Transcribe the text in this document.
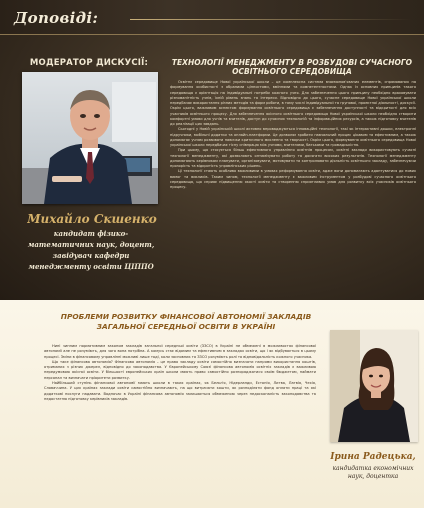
Доповіді:
МОДЕРАТОР ДИСКУСІЇ:
Михайло Скшенко
кандидат фізико-математичних наук, доцент, завідувач кафедри менеджменту освіти ЦІППО
ТЕХНОЛОГІЇ МЕНЕДЖМЕНТУ В РОЗБУДОВІ СУЧАСНОГО ОСВІТНЬОГО СЕРЕДОВИЩА

Освітнє середовище Нової української школи – це комплексна система взаємопов'язаних елементів, спрямованих на формування особистості з обраними цінностями, вміннями та компетентностями. Однак із основних принципів такого середовища є орієнтація на індивідуальні потреби кожного учня. Для забезпечення цього принципу необхідно враховувати різноманітність учнів, їхній рівень знань та інтереси. Відповідно до цього, сучасне середовище Нової української школи передбачає використання різних методів та форм роботи, в тому числі індивідуальної та групової, проектної діяльності, дискусії. Окрім цього, важливим аспектом формування освітнього середовища є забезпечення доступності та відкритості для всіх учасників освітнього процесу. Для забезпечення якісного освітнього середовища Нової української школи необхідно створити комфортні умови для учнів та вчителів, доступ до сучасних технологій та інформаційних ресурсів, а також підготовку вчителів до реалізації цих завдань.

Сьогодні у Новій українській школі активно впроваджуються інноваційні технології, такі як інтерактивні дошки, електронні підручники, мобільні додатки та онлайн-платформи. Це дозволяє зробити навчальний процес цікавим та ефективним, а також допомагає учням розвивати навички критичного мислення та творчості. Окрім цього, формування освітнього середовища Нової української школи передбачає тісну співпрацю між учнями, вчителями, батьками та громадськістю.

При цьому, що стосується більш ефективного управління освітнім процесом, освітні заклади використовують сучасні технології менеджменту, які дозволяють оптимізувати роботу та досягати високих результатів. Технології менеджменту допомагають керівникам планувати, організовувати, мотивувати та контролювати діяльність освітнього закладу, забезпечуючи прозорість та відкритість управлінських рішень.

Ці технології стають особливо важливими в умовах реформування освіти, адже вони допомагають адаптуватися до нових вимог та викликів. Таким чином, технології менеджменту є важливим інструментом у розбудові сучасного освітнього середовища, що сприяє підвищенню якості освіти та створенню сприятливих умов для розвитку всіх учасників освітнього процесу.

ПРОБЛЕМИ РОЗВИТКУ ФІНАНСОВОЇ АВТОНОМІЇ ЗАКЛАДІВ ЗАГАЛЬНОЇ СЕРЕДНЬОЇ ОСВІТИ В УКРАЇНІ

Нині чинним нормативним законом закладів загальної середньої освіти (ЗЗСО) в Україні не обмежені в можливостях фінансової автономії але не розуміють, для чого вона потрібна. А комусь стає відомим та ефективним в закладах освіти, що і як відбувається в цьому процесі. Зміни в фінансовому управлінні можливі лише тоді, коли засновник та ЗЗСО розуміють ролі та відповідальність кожного учасника.

Що таке фінансова автономія? Фінансова автономія – це право закладу освіти самостійно визначати напрями використання коштів, отриманих з різних джерел, відповідно до законодавства. У Європейському Союзі фінансова автономія освітніх закладів є важливою передумовою якісної освіти. У більшості європейських країн школи мають право самостійно розпоряджатися своїм бюджетом, наймати персонал та визначати пріоритети розвитку.

Найбільший ступінь фінансової автономії мають школи в таких країнах, як Бельгія, Нідерланди, Естонія, Литва, Латвія, Чехія, Словаччина. У цих країнах заклади освіти самостійно визначають, на що витрачати кошти, як розподіляти фонд оплати праці та які додаткові послуги надавати. Водночас в Україні фінансова автономія залишається обмеженою через недосконалість законодавства та недостатню підготовку керівників закладів.

Ірина Радецька,
кандидатка економічних наук, доцентка
